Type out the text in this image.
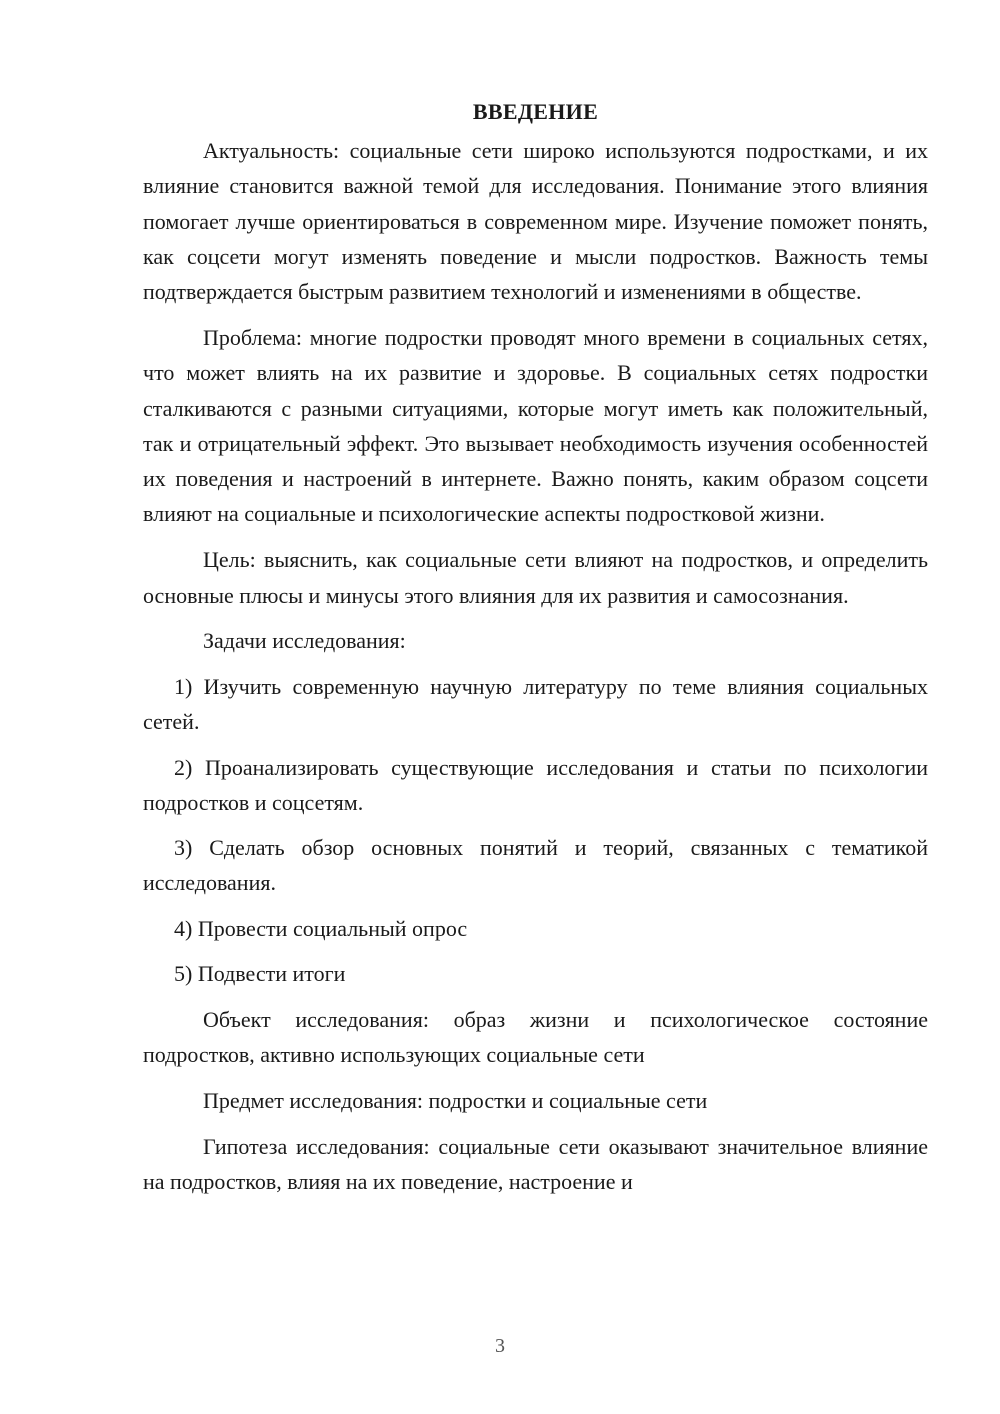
ВВЕДЕНИЕ

Актуальность: социальные сети широко используются подростками, и их влияние становится важной темой для исследования. Понимание этого влияния помогает лучше ориентироваться в современном мире. Изучение поможет понять, как соцсети могут изменять поведение и мысли подростков. Важность темы подтверждается быстрым развитием технологий и изменениями в обществе.

Проблема: многие подростки проводят много времени в социальных сетях, что может влиять на их развитие и здоровье. В социальных сетях подростки сталкиваются с разными ситуациями, которые могут иметь как положительный, так и отрицательный эффект. Это вызывает необходимость изучения особенностей их поведения и настроений в интернете. Важно понять, каким образом соцсети влияют на социальные и психологические аспекты подростковой жизни.

Цель: выяснить, как социальные сети влияют на подростков, и определить основные плюсы и минусы этого влияния для их развития и самосознания.

Задачи исследования:

1) Изучить современную научную литературу по теме влияния социальных сетей.

2) Проанализировать существующие исследования и статьи по психологии подростков и соцсетям.

3) Сделать обзор основных понятий и теорий, связанных с тематикой исследования.

4) Провести социальный опрос

5) Подвести итоги

Объект исследования: образ жизни и психологическое состояние подростков, активно использующих социальные сети

Предмет исследования: подростки и социальные сети

Гипотеза исследования: социальные сети оказывают значительное влияние на подростков, влияя на их поведение, настроение и

3
